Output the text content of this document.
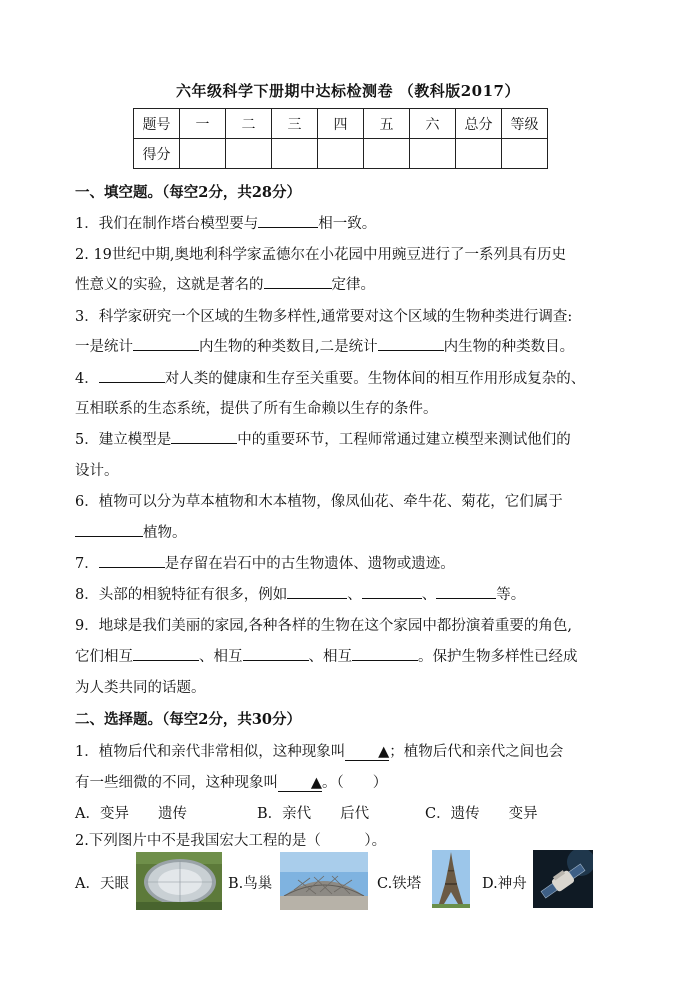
六年级科学下册期中达标检测卷 （教科版2017）
题号	一	二	三	四	五	六	总分	等级
得分								
一、填空题。（每空2分，共28分）
1．我们在制作塔台模型要与	相一致。
2. 19世纪中期,奥地利科学家孟德尔在小花园中用豌豆进行了一系列具有历史
性意义的实验，这就是著名的	定律。
3．科学家研究一个区域的生物多样性,通常要对这个区域的生物种类进行调查:
一是统计	内生物的种类数目,二是统计	内生物的种类数目。
4．	对人类的健康和生存至关重要。生物体间的相互作用形成复杂的、
互相联系的生态系统，提供了所有生命赖以生存的条件。
5．建立模型是	中的重要环节，工程师常通过建立模型来测试他们的
设计。
6．植物可以分为草本植物和木本植物，像凤仙花、牵牛花、菊花，它们属于
植物。
7．	是存留在岩石中的古生物遗体、遗物或遗迹。
8．头部的相貌特征有很多，例如	、	、	等。
9．地球是我们美丽的家园,各种各样的生物在这个家园中都扮演着重要的角色,
它们相互	、相互	、相互	。保护生物多样性已经成
为人类共同的话题。
二、选择题。（每空2分，共30分）
1．植物后代和亲代非常相似，这种现象叫 ▲；植物后代和亲代之间也会
有一些细微的不同，这种现象叫 ▲。（　　）
A．变异　　遗传	B．亲代　　后代	C．遗传　　变异
2.下列图片中不是我国宏大工程的是（　　　）。
A．天眼	B.鸟巢	C.铁塔	D.神舟
